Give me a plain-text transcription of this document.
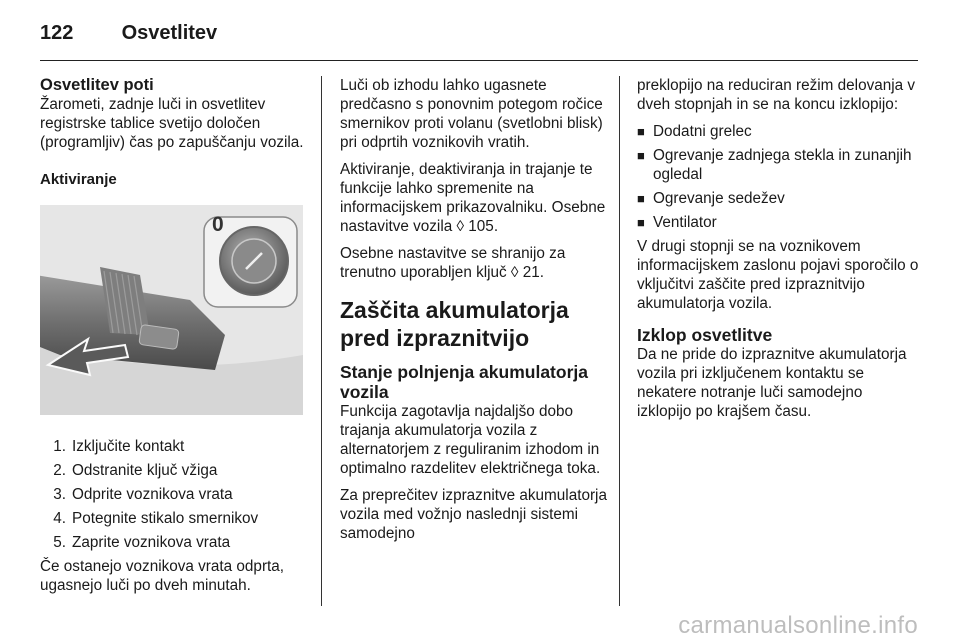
122 Osvetlitev
Osvetlitev poti

Žarometi, zadnje luči in osvetlitev registrske tablice svetijo določen (programljiv) čas po zapuščanju vozila.

Aktiviranje
0
1. Izključite kontakt
2. Odstranite ključ vžiga
3. Odprite voznikova vrata
4. Potegnite stikalo smernikov
5. Zaprite voznikova vrata

Če ostanejo voznikova vrata odprta, ugasnejo luči po dveh minutah.

Luči ob izhodu lahko ugasnete predčasno s ponovnim potegom ročice smernikov proti volanu (svetlobni blisk) pri odprtih voznikovih vratih.

Aktiviranje, deaktiviranja in trajanje te funkcije lahko spremenite na informacijskem prikazovalniku. Osebne nastavitve vozila ◊ 105.

Osebne nastavitve se shranijo za trenutno uporabljen ključ ◊ 21.

Zaščita akumulatorja pred izpraznitvijo
Stanje polnjenja akumulatorja vozila

Funkcija zagotavlja najdaljšo dobo trajanja akumulatorja vozila z alternatorjem z reguliranim izhodom in optimalno razdelitev električnega toka.

Za preprečitev izpraznitve akumulatorja vozila med vožnjo naslednji sistemi samodejno

preklopijo na reduciran režim delovanja v dveh stopnjah in se na koncu izklopijo:

■ Dodatni grelec
■ Ogrevanje zadnjega stekla in zunanjih ogledal
■ Ogrevanje sedežev
■ Ventilator

V drugi stopnji se na voznikovem informacijskem zaslonu pojavi sporočilo o vključitvi zaščite pred izpraznitvijo akumulatorja vozila.

Izklop osvetlitve

Da ne pride do izpraznitve akumulatorja vozila pri izključenem kontaktu se nekatere notranje luči samodejno izklopijo po krajšem času.

carmanualsonline.info
